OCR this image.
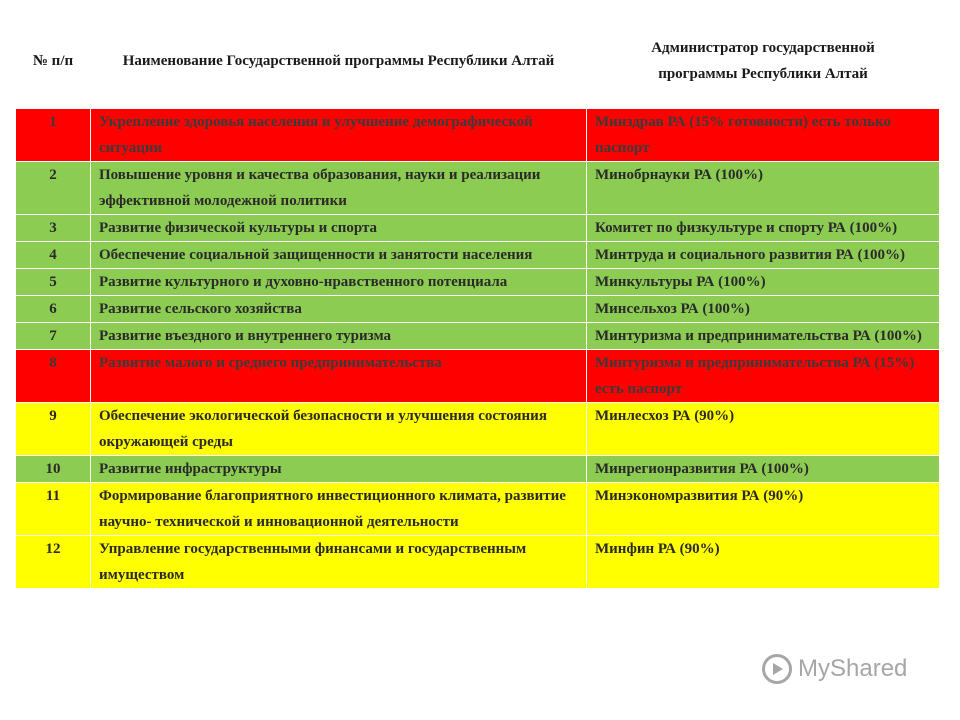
№ п/п	Наименование Государственной программы Республики Алтай	Администратор государственной программы Республики Алтай
1	Укрепление здоровья населения и улучшение демографической ситуации	Минздрав РА (15% готовности) есть только паспорт
2	Повышение уровня и качества образования, науки и реализации эффективной молодежной политики	Минобрнауки РА (100%)
3	Развитие физической культуры и спорта	Комитет по физкультуре и спорту РА (100%)
4	Обеспечение социальной защищенности и занятости населения	Минтруда и социального развития РА (100%)
5	Развитие культурного и духовно-нравственного потенциала	Минкультуры РА (100%)
6	Развитие сельского хозяйства	Минсельхоз РА (100%)
7	Развитие въездного и внутреннего туризма	Минтуризма и предпринимательства РА (100%)
8	Развитие малого и среднего предпринимательства	Минтуризма и предпринимательства РА (15%) есть паспорт
9	Обеспечение экологической безопасности и улучшения состояния окружающей среды	Минлесхоз РА (90%)
10	Развитие инфраструктуры	Минрегионразвития РА (100%)
11	Формирование благоприятного инвестиционного климата, развитие научно- технической и инновационной деятельности	Минэкономразвития РА (90%)
12	Управление государственными финансами и государственным имуществом	Минфин РА (90%)
MyShared
